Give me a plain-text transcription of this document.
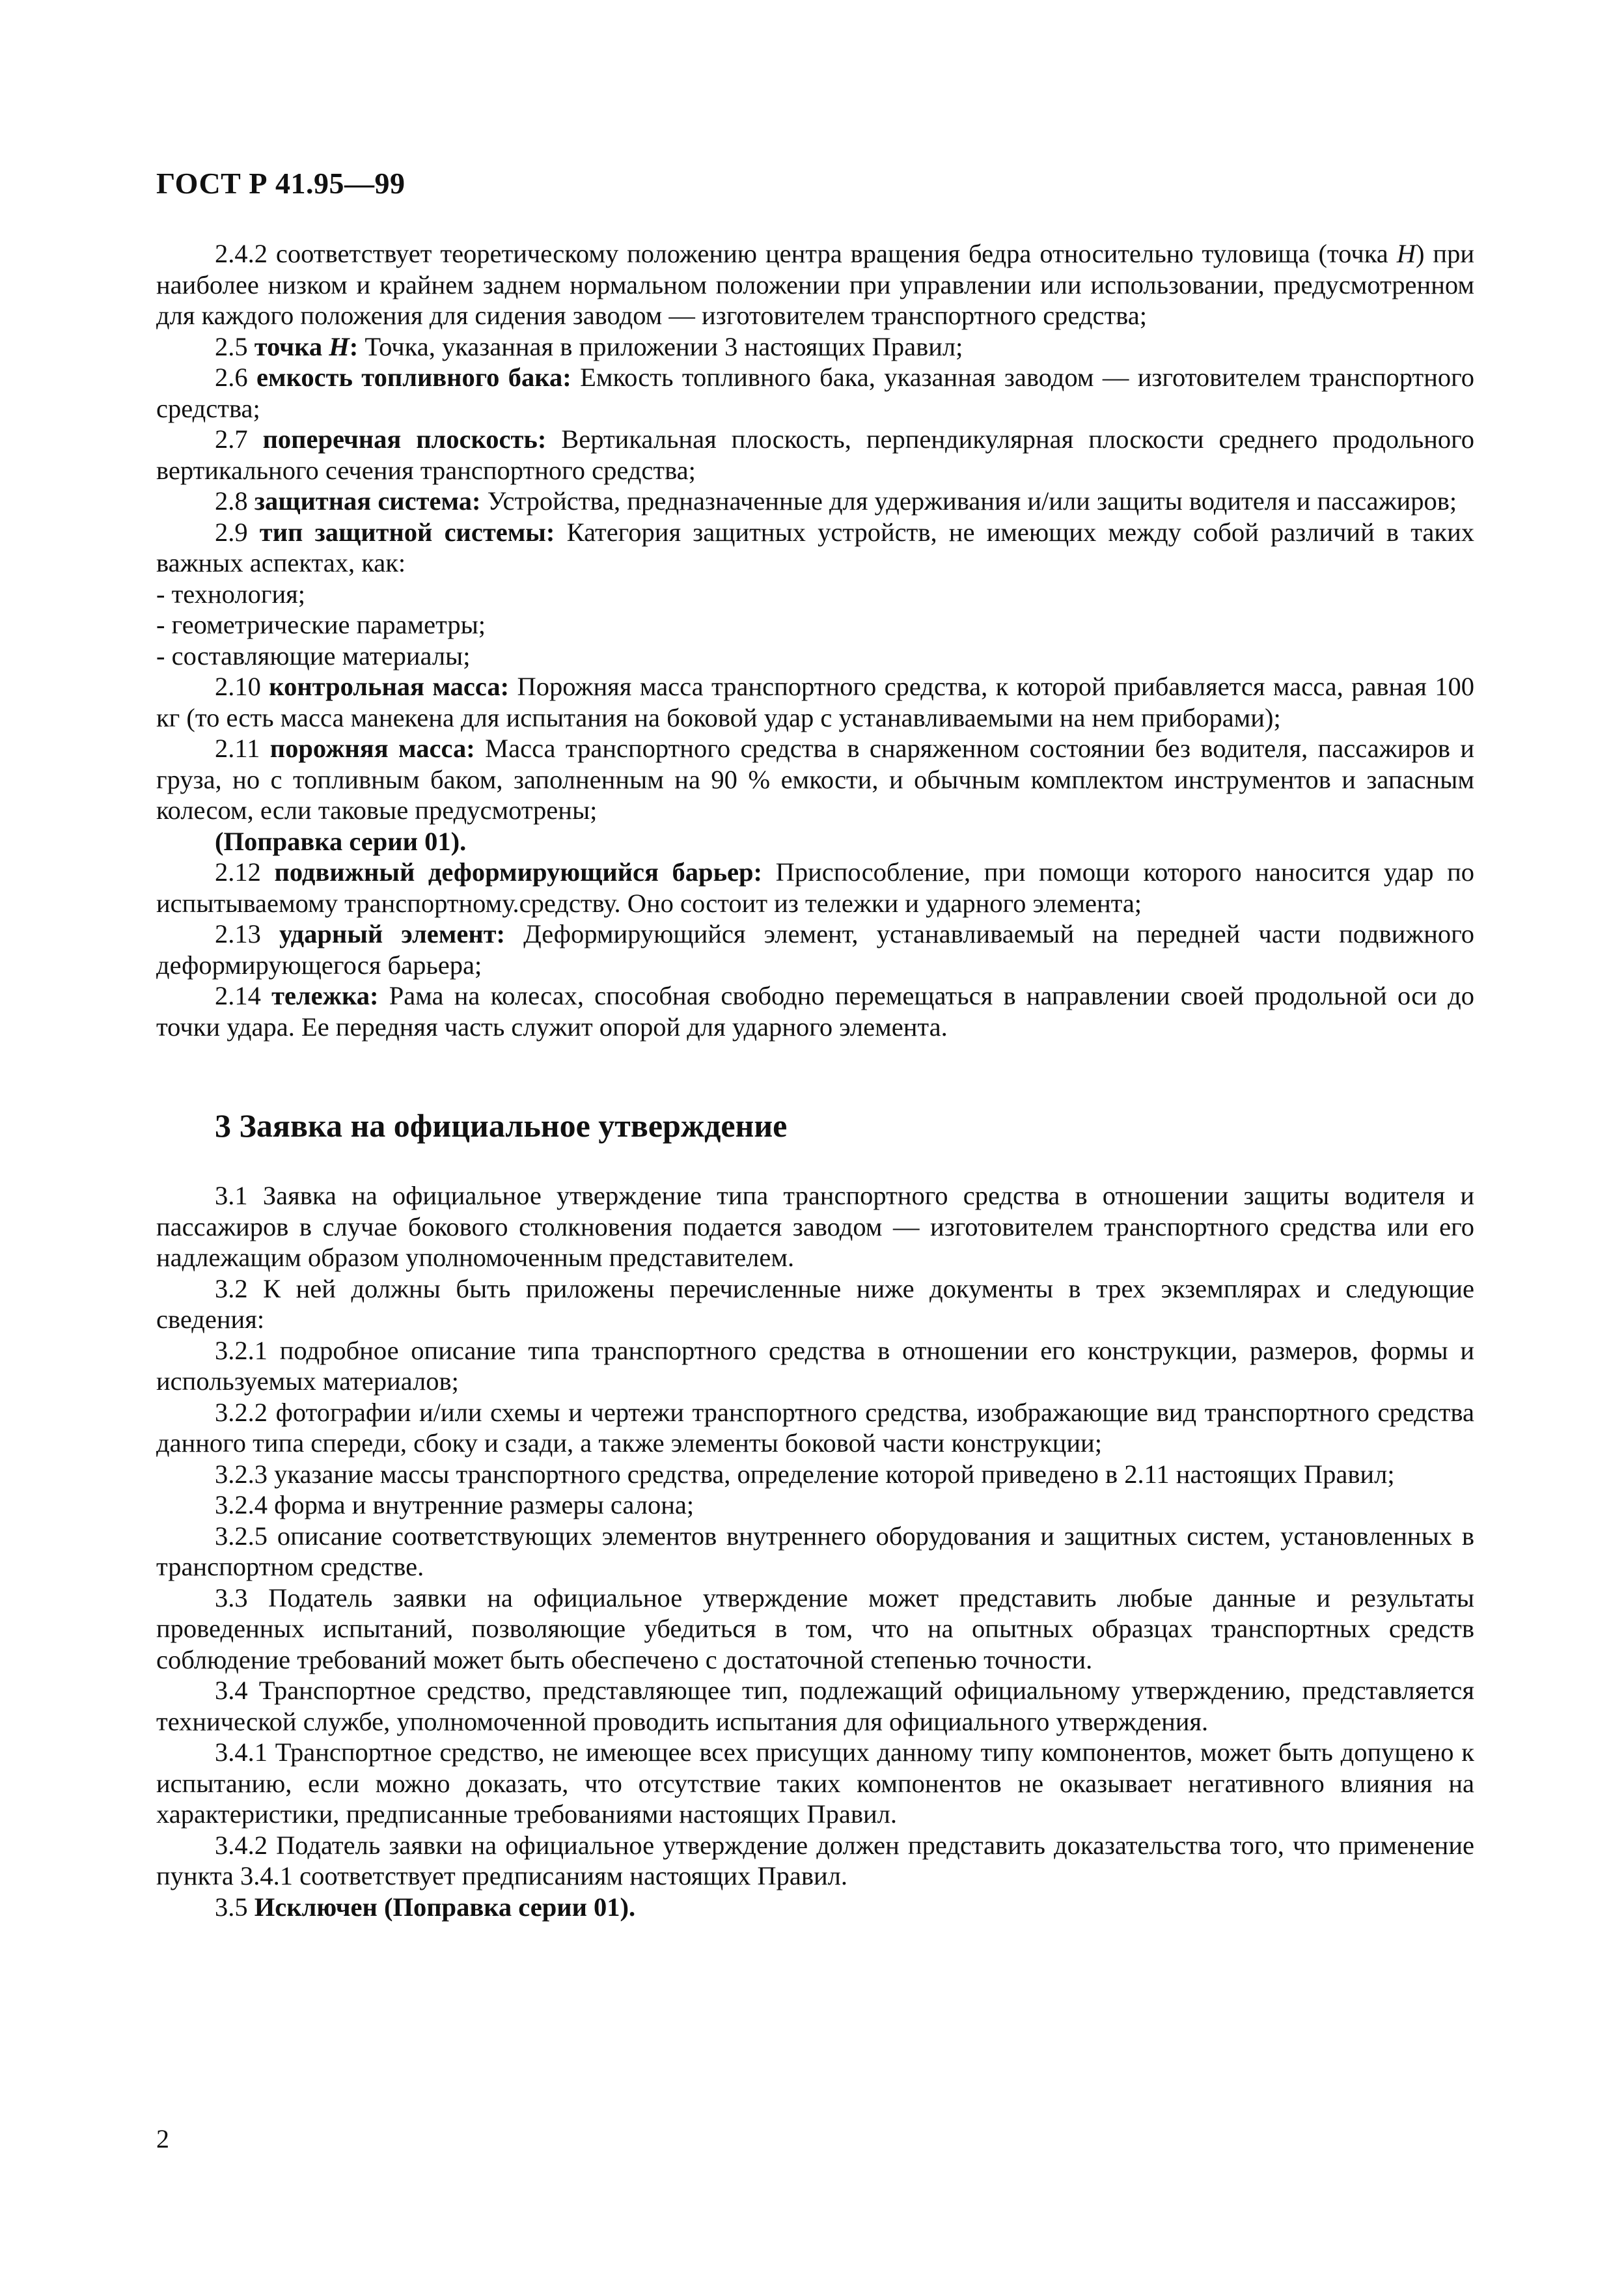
ГОСТ Р 41.95—99

2.4.2 соответствует теоретическому положению центра вращения бедра относительно туловища (точка H) при наиболее низком и крайнем заднем нормальном положении при управлении или использовании, предусмотренном для каждого положения для сидения заводом — изготовителем транспортного средства;

2.5 точка H: Точка, указанная в приложении 3 настоящих Правил;

2.6 емкость топливного бака: Емкость топливного бака, указанная заводом — изготовителем транспортного средства;

2.7 поперечная плоскость: Вертикальная плоскость, перпендикулярная плоскости среднего продольного вертикального сечения транспортного средства;

2.8 защитная система: Устройства, предназначенные для удерживания и/или защиты водителя и пассажиров;

2.9 тип защитной системы: Категория защитных устройств, не имеющих между собой различий в таких важных аспектах, как:

- технология;

- геометрические параметры;

- составляющие материалы;

2.10 контрольная масса: Порожняя масса транспортного средства, к которой прибавляется масса, равная 100 кг (то есть масса манекена для испытания на боковой удар с устанавливаемыми на нем приборами);

2.11 порожняя масса: Масса транспортного средства в снаряженном состоянии без водителя, пассажиров и груза, но с топливным баком, заполненным на 90 % емкости, и обычным комплектом инструментов и запасным колесом, если таковые предусмотрены;

(Поправка серии 01).

2.12 подвижный деформирующийся барьер: Приспособление, при помощи которого наносится удар по испытываемому транспортному.средству. Оно состоит из тележки и ударного элемента;

2.13 ударный элемент: Деформирующийся элемент, устанавливаемый на передней части подвижного деформирующегося барьера;

2.14 тележка: Рама на колесах, способная свободно перемещаться в направлении своей продольной оси до точки удара. Ее передняя часть служит опорой для ударного элемента.

3 Заявка на официальное утверждение

3.1 Заявка на официальное утверждение типа транспортного средства в отношении защиты водителя и пассажиров в случае бокового столкновения подается заводом — изготовителем транспортного средства или его надлежащим образом уполномоченным представителем.

3.2 К ней должны быть приложены перечисленные ниже документы в трех экземплярах и следующие сведения:

3.2.1 подробное описание типа транспортного средства в отношении его конструкции, размеров, формы и используемых материалов;

3.2.2 фотографии и/или схемы и чертежи транспортного средства, изображающие вид транспортного средства данного типа спереди, сбоку и сзади, а также элементы боковой части конструкции;

3.2.3 указание массы транспортного средства, определение которой приведено в 2.11 настоящих Правил;

3.2.4 форма и внутренние размеры салона;

3.2.5 описание соответствующих элементов внутреннего оборудования и защитных систем, установленных в транспортном средстве.

3.3 Податель заявки на официальное утверждение может представить любые данные и результаты проведенных испытаний, позволяющие убедиться в том, что на опытных образцах транспортных средств соблюдение требований может быть обеспечено с достаточной степенью точности.

3.4 Транспортное средство, представляющее тип, подлежащий официальному утверждению, представляется технической службе, уполномоченной проводить испытания для официального утверждения.

3.4.1 Транспортное средство, не имеющее всех присущих данному типу компонентов, может быть допущено к испытанию, если можно доказать, что отсутствие таких компонентов не оказывает негативного влияния на характеристики, предписанные требованиями настоящих Правил.

3.4.2 Податель заявки на официальное утверждение должен представить доказательства того, что применение пункта 3.4.1 соответствует предписаниям настоящих Правил.

3.5 Исключен (Поправка серии 01).

2
